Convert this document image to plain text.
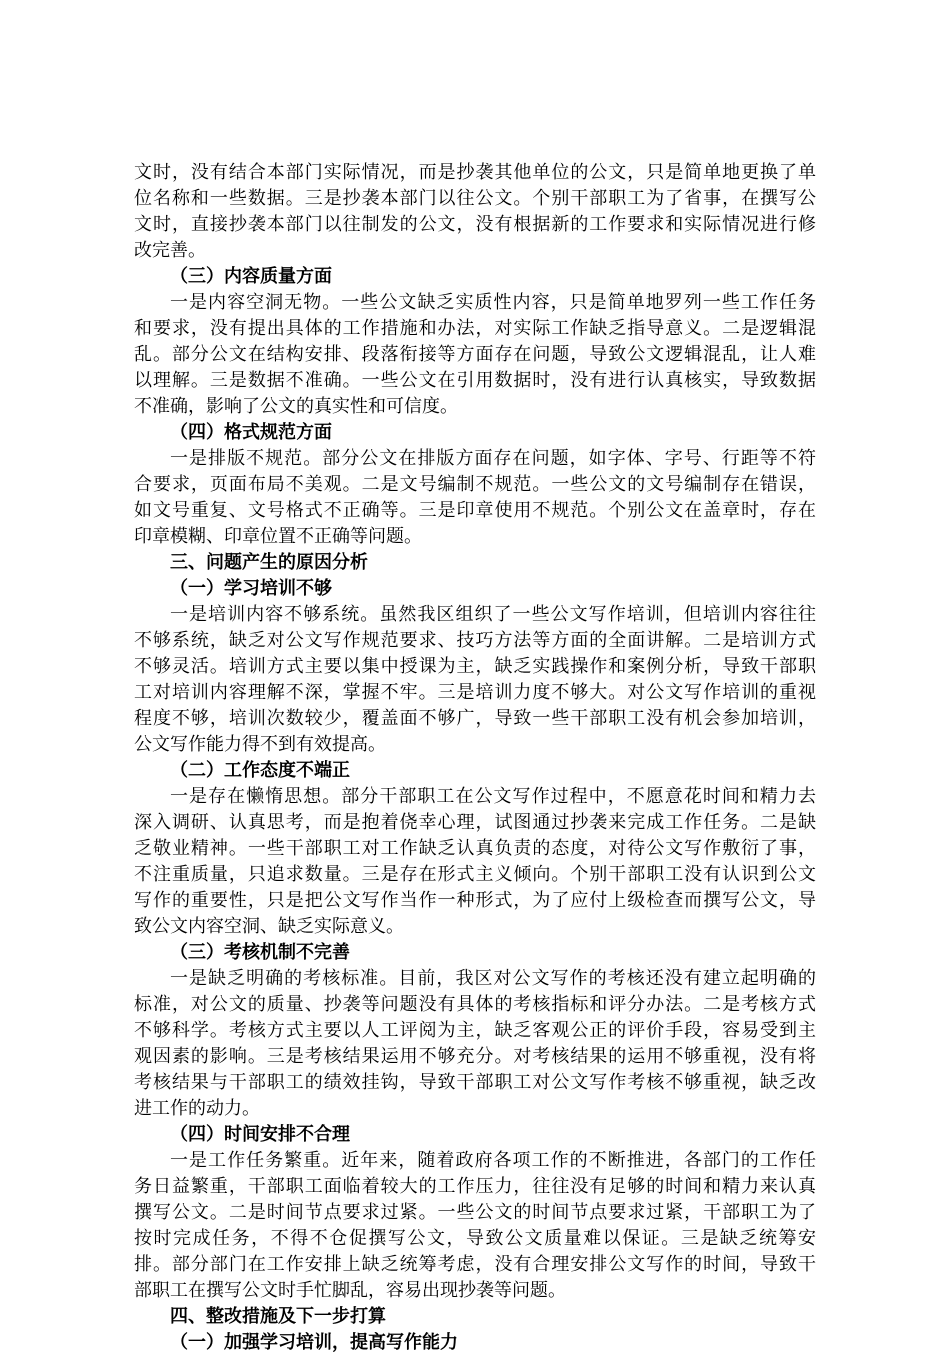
文时，没有结合本部门实际情况，而是抄袭其他单位的公文，只是简单地更换了单
位名称和一些数据。三是抄袭本部门以往公文。个别干部职工为了省事，在撰写公
文时，直接抄袭本部门以往制发的公文，没有根据新的工作要求和实际情况进行修
改完善。
（三）内容质量方面
一是内容空洞无物。一些公文缺乏实质性内容，只是简单地罗列一些工作任务
和要求，没有提出具体的工作措施和办法，对实际工作缺乏指导意义。二是逻辑混
乱。部分公文在结构安排、段落衔接等方面存在问题，导致公文逻辑混乱，让人难
以理解。三是数据不准确。一些公文在引用数据时，没有进行认真核实，导致数据
不准确，影响了公文的真实性和可信度。
（四）格式规范方面
一是排版不规范。部分公文在排版方面存在问题，如字体、字号、行距等不符
合要求，页面布局不美观。二是文号编制不规范。一些公文的文号编制存在错误，
如文号重复、文号格式不正确等。三是印章使用不规范。个别公文在盖章时，存在
印章模糊、印章位置不正确等问题。
三、问题产生的原因分析
（一）学习培训不够
一是培训内容不够系统。虽然我区组织了一些公文写作培训，但培训内容往往
不够系统，缺乏对公文写作规范要求、技巧方法等方面的全面讲解。二是培训方式
不够灵活。培训方式主要以集中授课为主，缺乏实践操作和案例分析，导致干部职
工对培训内容理解不深，掌握不牢。三是培训力度不够大。对公文写作培训的重视
程度不够，培训次数较少，覆盖面不够广，导致一些干部职工没有机会参加培训，
公文写作能力得不到有效提高。
（二）工作态度不端正
一是存在懒惰思想。部分干部职工在公文写作过程中，不愿意花时间和精力去
深入调研、认真思考，而是抱着侥幸心理，试图通过抄袭来完成工作任务。二是缺
乏敬业精神。一些干部职工对工作缺乏认真负责的态度，对待公文写作敷衍了事，
不注重质量，只追求数量。三是存在形式主义倾向。个别干部职工没有认识到公文
写作的重要性，只是把公文写作当作一种形式，为了应付上级检查而撰写公文，导
致公文内容空洞、缺乏实际意义。
（三）考核机制不完善
一是缺乏明确的考核标准。目前，我区对公文写作的考核还没有建立起明确的
标准，对公文的质量、抄袭等问题没有具体的考核指标和评分办法。二是考核方式
不够科学。考核方式主要以人工评阅为主，缺乏客观公正的评价手段，容易受到主
观因素的影响。三是考核结果运用不够充分。对考核结果的运用不够重视，没有将
考核结果与干部职工的绩效挂钩，导致干部职工对公文写作考核不够重视，缺乏改
进工作的动力。
（四）时间安排不合理
一是工作任务繁重。近年来，随着政府各项工作的不断推进，各部门的工作任
务日益繁重，干部职工面临着较大的工作压力，往往没有足够的时间和精力来认真
撰写公文。二是时间节点要求过紧。一些公文的时间节点要求过紧，干部职工为了
按时完成任务，不得不仓促撰写公文，导致公文质量难以保证。三是缺乏统筹安
排。部分部门在工作安排上缺乏统筹考虑，没有合理安排公文写作的时间，导致干
部职工在撰写公文时手忙脚乱，容易出现抄袭等问题。
四、整改措施及下一步打算
（一）加强学习培训，提高写作能力
